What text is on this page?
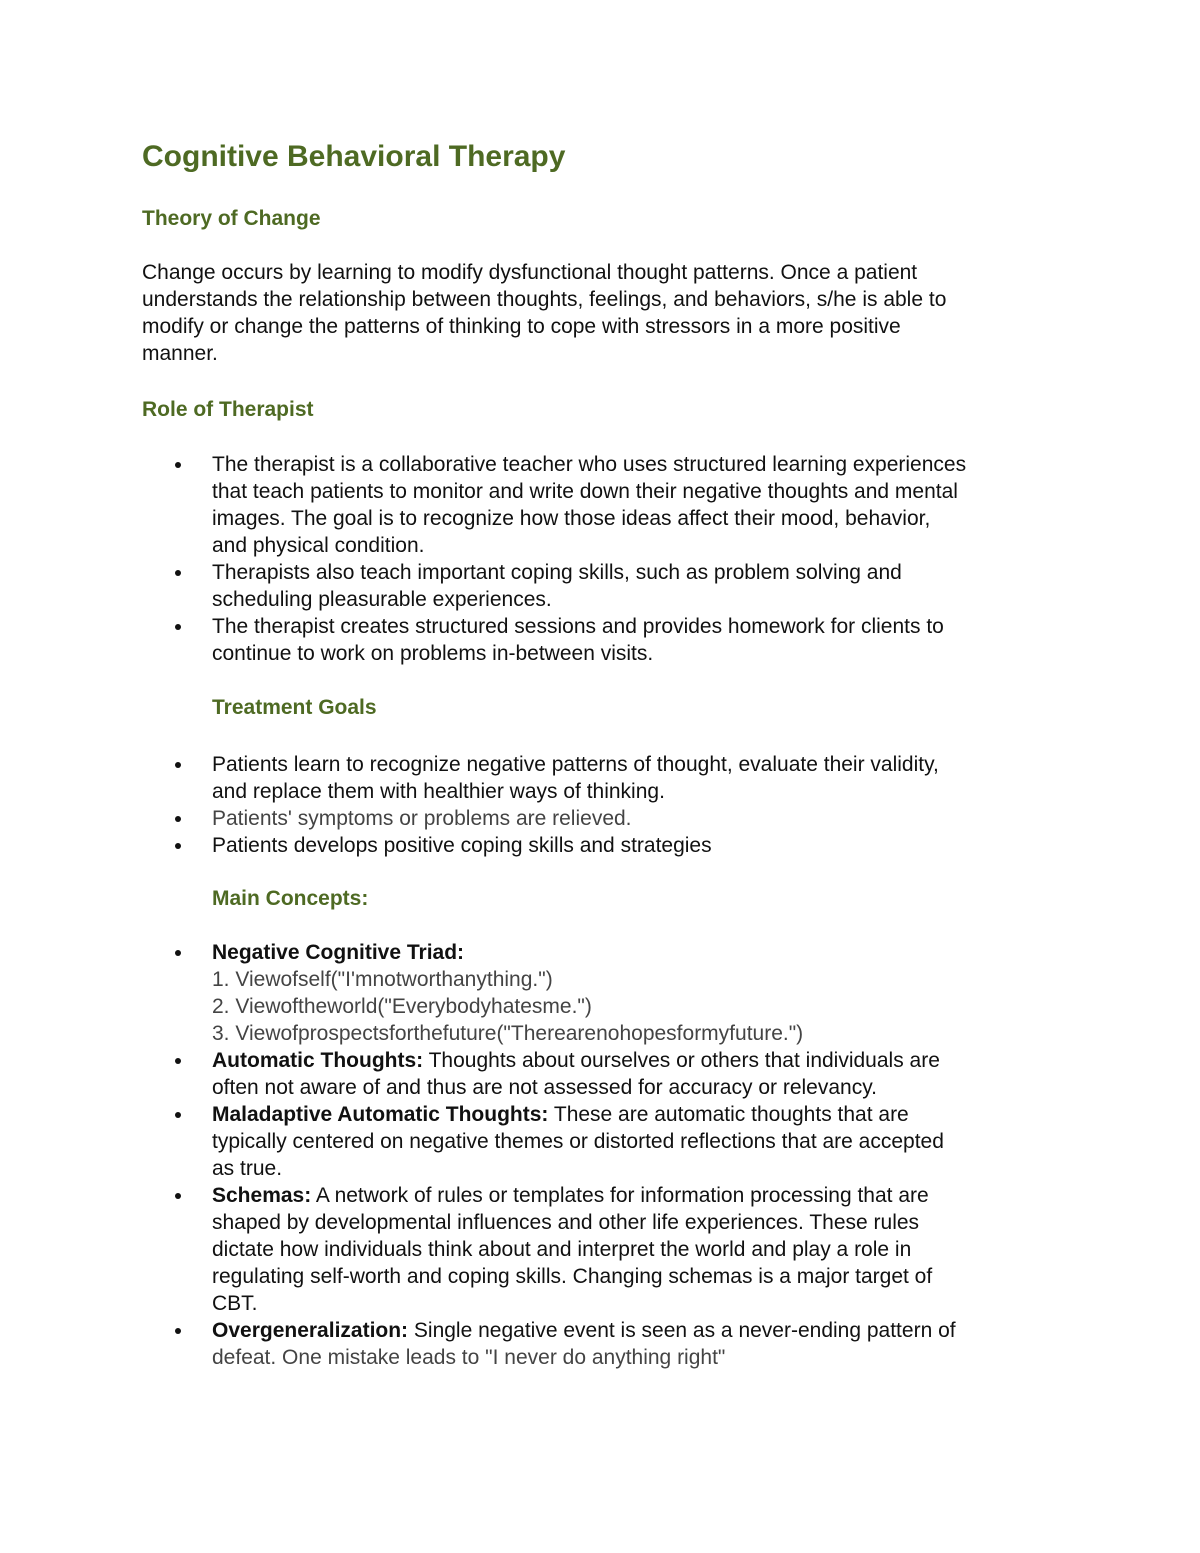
Cognitive Behavioral Therapy
Theory of Change

Change occurs by learning to modify dysfunctional thought patterns. Once a patient
understands the relationship between thoughts, feelings, and behaviors, s/he is able to
modify or change the patterns of thinking to cope with stressors in a more positive
manner.

Role of Therapist
The therapist is a collaborative teacher who uses structured learning experiences
that teach patients to monitor and write down their negative thoughts and mental
images. The goal is to recognize how those ideas affect their mood, behavior,
and physical condition.
Therapists also teach important coping skills, such as problem solving and
scheduling pleasurable experiences.
The therapist creates structured sessions and provides homework for clients to
continue to work on problems in-between visits.
Treatment Goals
Patients learn to recognize negative patterns of thought, evaluate their validity,
and replace them with healthier ways of thinking.
Patients' symptoms or problems are relieved.
Patients develops positive coping skills and strategies
Main Concepts:
Negative Cognitive Triad:
1. Viewofself("I'mnotworthanything.")
2. Viewoftheworld("Everybodyhatesme.")
3. Viewofprospectsforthefuture("Therearenohopesformyfuture.")
Automatic Thoughts: Thoughts about ourselves or others that individuals are
often not aware of and thus are not assessed for accuracy or relevancy.
Maladaptive Automatic Thoughts: These are automatic thoughts that are
typically centered on negative themes or distorted reflections that are accepted
as true.
Schemas: A network of rules or templates for information processing that are
shaped by developmental influences and other life experiences. These rules
dictate how individuals think about and interpret the world and play a role in
regulating self-worth and coping skills. Changing schemas is a major target of
CBT.
Overgeneralization: Single negative event is seen as a never-ending pattern of
defeat. One mistake leads to "I never do anything right"
